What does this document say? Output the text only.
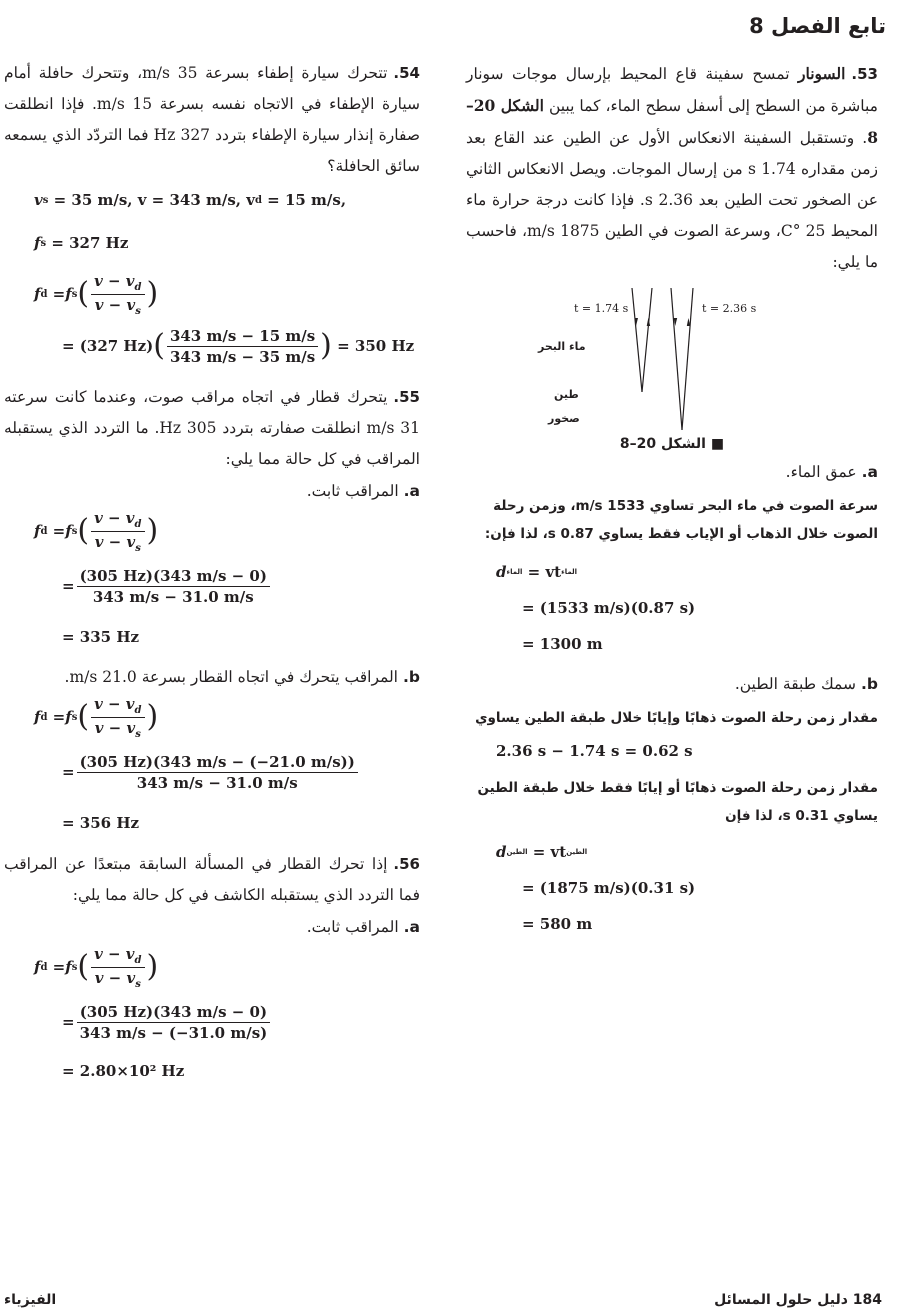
تابع الفصل 8
53.السونار تمسح سفينة قاع المحيط بإرسال موجات سونار مباشرة من السطح إلى أسفل سطح الماء، كما يبين الشكل 20–8. وتستقبل السفينة الانعكاس الأول عن الطين عند القاع بعد زمن مقداره 1.74 s من إرسال الموجات. ويصل الانعكاس الثاني عن الصخور تحت الطين بعد 2.36 s. فإذا كانت درجة حرارة ماء المحيط 25 °C، وسرعة الصوت في الطين 1875 m/s، فاحسب ما يلي:
t = 1.74 s	t = 2.36 s
ماء البحر
طين
صخور
■ الشكل 20–8
a.عمق الماء.
سرعة الصوت في ماء البحر تساوي 1533 m/s، وزمن رحلة الصوت خلال الذهاب أو الإياب فقط يساوي 0.87 s، لذا فإن:
d الماء
= vt الماء
= (1533 m/s)(0.87 s)
= 1300 m
b.سمك طبقة الطين.
مقدار زمن رحلة الصوت ذهابًا وإيابًا خلال طبقة الطين يساوي
2.36 s − 1.74 s = 0.62 s
مقدار زمن رحلة الصوت ذهابًا أو إيابًا فقط خلال طبقة الطين يساوي 0.31 s، لذا فإن
d الطين
= vt الطين
= (1875 m/s)(0.31 s)
= 580 m
54.تتحرك سيارة إطفاء بسرعة 35 m/s، وتتحرك حافلة أمام سيارة الإطفاء في الاتجاه نفسه بسرعة 15 m/s. فإذا انطلقت صفارة إنذار سيارة الإطفاء بتردد 327 Hz فما التردّد الذي يسمعه سائق الحافلة؟
v s
= 35 m/s, v = 343 m/s, v d
= 15 m/s,
f s
= 327 Hz
f d = f s ( $\frac{v - v_d}{v - v_s}$ )
= (327 Hz) ( $\frac{343 m/s - 15 m/s}{343 m/s - 35 m/s}$ )
= 350 Hz
55.يتحرك قطار في اتجاه مراقب صوت، وعندما كانت سرعته 31 m/s انطلقت صفارته بتردد 305 Hz. ما التردد الذي يستقبله المراقب في كل حالة مما يلي:
a.المراقب ثابت.
f d = f s ( $\frac{v - v_d}{v - v_s}$ )
= $\frac{(305 Hz)(343 m/s - 0)}{343 m/s - 31.0 m/s}$
= 335 Hz
b.المراقب يتحرك في اتجاه القطار بسرعة 21.0 m/s.
f d = f s ( $\frac{v - v_d}{v - v_s}$ )
= $\frac{(305 Hz)(343 m/s - (-21.0 m/s))}{343 m/s - 31.0 m/s}$
= 356 Hz
56.إذا تحرك القطار في المسألة السابقة مبتعدًا عن المراقب فما التردد الذي يستقبله الكاشف في كل حالة مما يلي:
a.المراقب ثابت.
f d = f s ( $\frac{v - v_d}{v - v_s}$ )
= $\frac{(305 Hz)(343 m/s - 0)}{343 m/s - (-31.0 m/s)}$
= 2.80×10² Hz
184 دليل حلول المسائل
الفيزياء
